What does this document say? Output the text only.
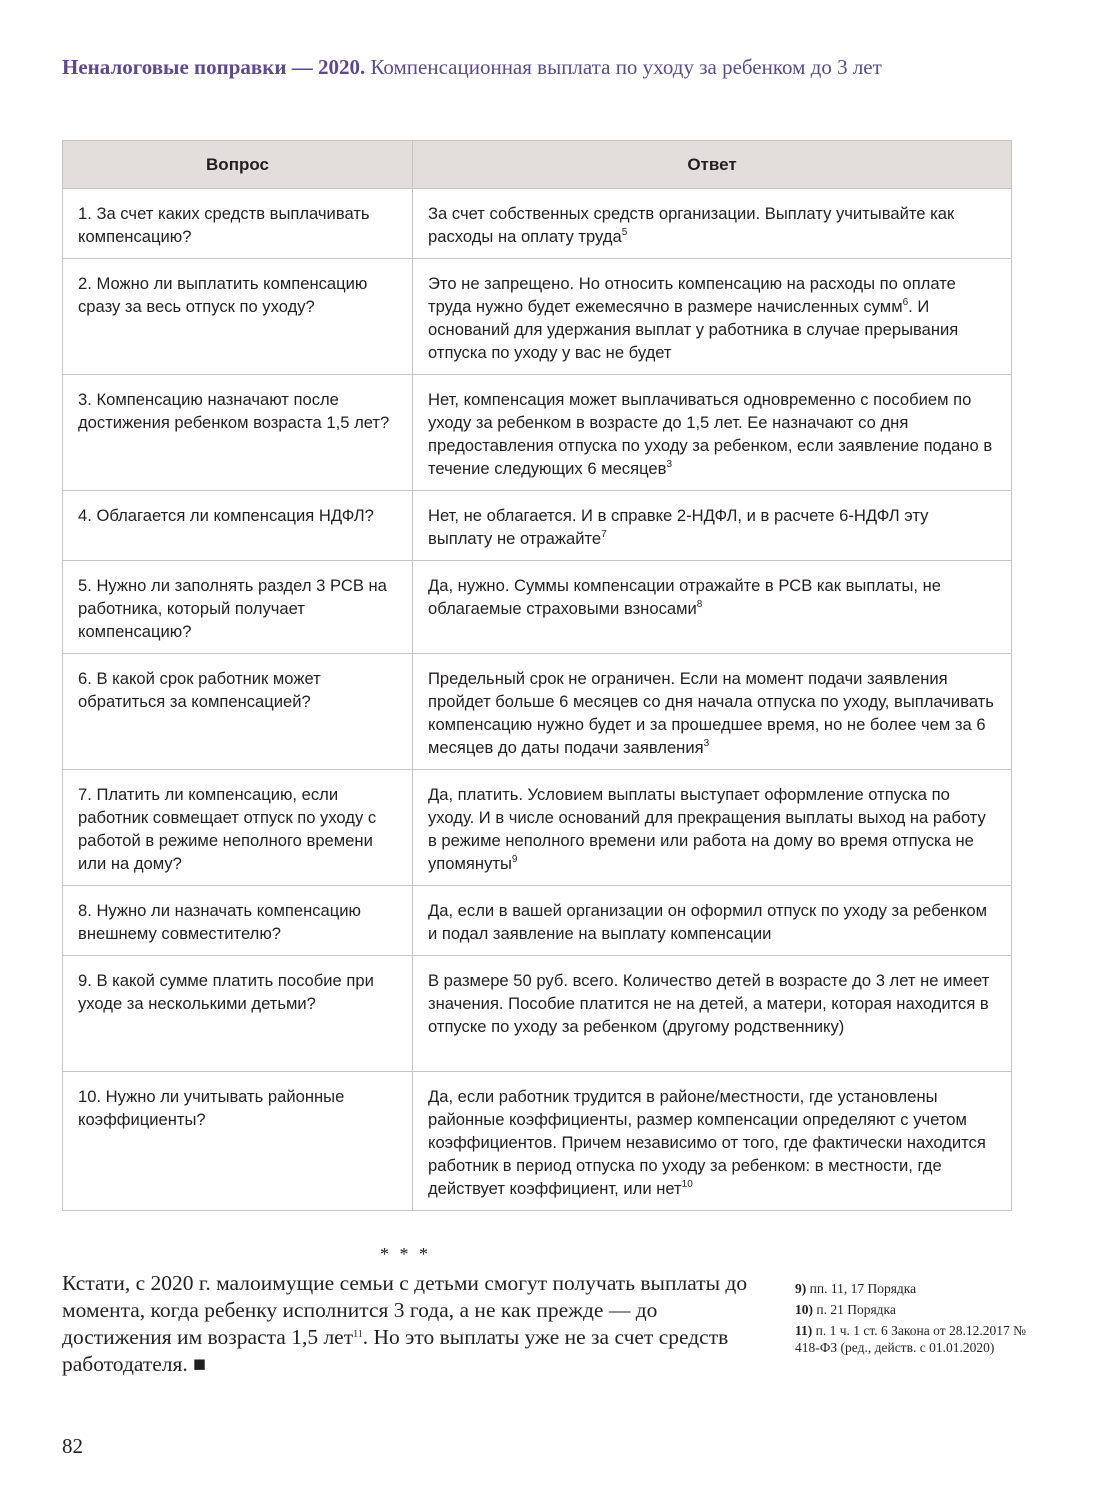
Неналоговые поправки — 2020. Компенсационная выплата по уходу за ребенком до 3 лет
Вопрос	Ответ
1. За счет каких средств выплачивать компенсацию?	За счет собственных средств организации. Выплату учитывайте как расходы на оплату труда$^5$
2. Можно ли выплатить компенсацию сразу за весь отпуск по уходу?	Это не запрещено. Но относить компенсацию на расходы по оплате труда нужно будет ежемесячно в размере начисленных сумм$^6$. И оснований для удержания выплат у работника в случае прерывания отпуска по уходу у вас не будет
3. Компенсацию назначают после достижения ребенком возраста 1,5 лет?	Нет, компенсация может выплачиваться одновременно с пособием по уходу за ребенком в возрасте до 1,5 лет. Ее назначают со дня предоставления отпуска по уходу за ребенком, если заявление подано в течение следующих 6 месяцев$^3$
4. Облагается ли компенсация НДФЛ?	Нет, не облагается. И в справке 2-НДФЛ, и в расчете 6-НДФЛ эту выплату не отражайте$^7$
5. Нужно ли заполнять раздел 3 РСВ на работника, который получает компенсацию?	Да, нужно. Суммы компенсации отражайте в РСВ как выплаты, не облагаемые страховыми взносами$^8$
6. В какой срок работник может обратиться за компенсацией?	Предельный срок не ограничен. Если на момент подачи заявления пройдет больше 6 месяцев со дня начала отпуска по уходу, выплачивать компенсацию нужно будет и за прошедшее время, но не более чем за 6 месяцев до даты подачи заявления$^3$
7. Платить ли компенсацию, если работник совмещает отпуск по уходу с работой в режиме неполного времени или на дому?	Да, платить. Условием выплаты выступает оформление отпуска по уходу. И в числе оснований для прекращения выплаты выход на работу в режиме неполного времени или работа на дому во время отпуска не упомянуты$^9$
8. Нужно ли назначать компенсацию внешнему совместителю?	Да, если в вашей организации он оформил отпуск по уходу за ребенком и подал заявление на выплату компенсации
9. В какой сумме платить пособие при уходе за несколькими детьми?	В размере 50 руб. всего. Количество детей в возрасте до 3 лет не имеет значения. Пособие платится не на детей, а матери, которая находится в отпуске по уходу за ребенком (другому родственнику)
10. Нужно ли учитывать районные коэффициенты?	Да, если работник трудится в районе/местности, где установлены районные коэффициенты, размер компенсации определяют с учетом коэффициентов. Причем независимо от того, где фактически находится работник в период отпуска по уходу за ребенком: в местности, где действует коэффициент, или нет$^{10}$
* * *
Кстати, с 2020 г. малоимущие семьи с детьми смогут получать выплаты до момента, когда ребенку исполнится 3 года, а не как прежде — до достижения им возраста 1,5 лет$^{11}$. Но это выплаты уже не за счет средств работодателя. ■
9) пп. 11, 17 Порядка
10) п. 21 Порядка
11) п. 1 ч. 1 ст. 6 Закона от 28.12.2017 № 418-ФЗ (ред., действ. с 01.01.2020)
82
